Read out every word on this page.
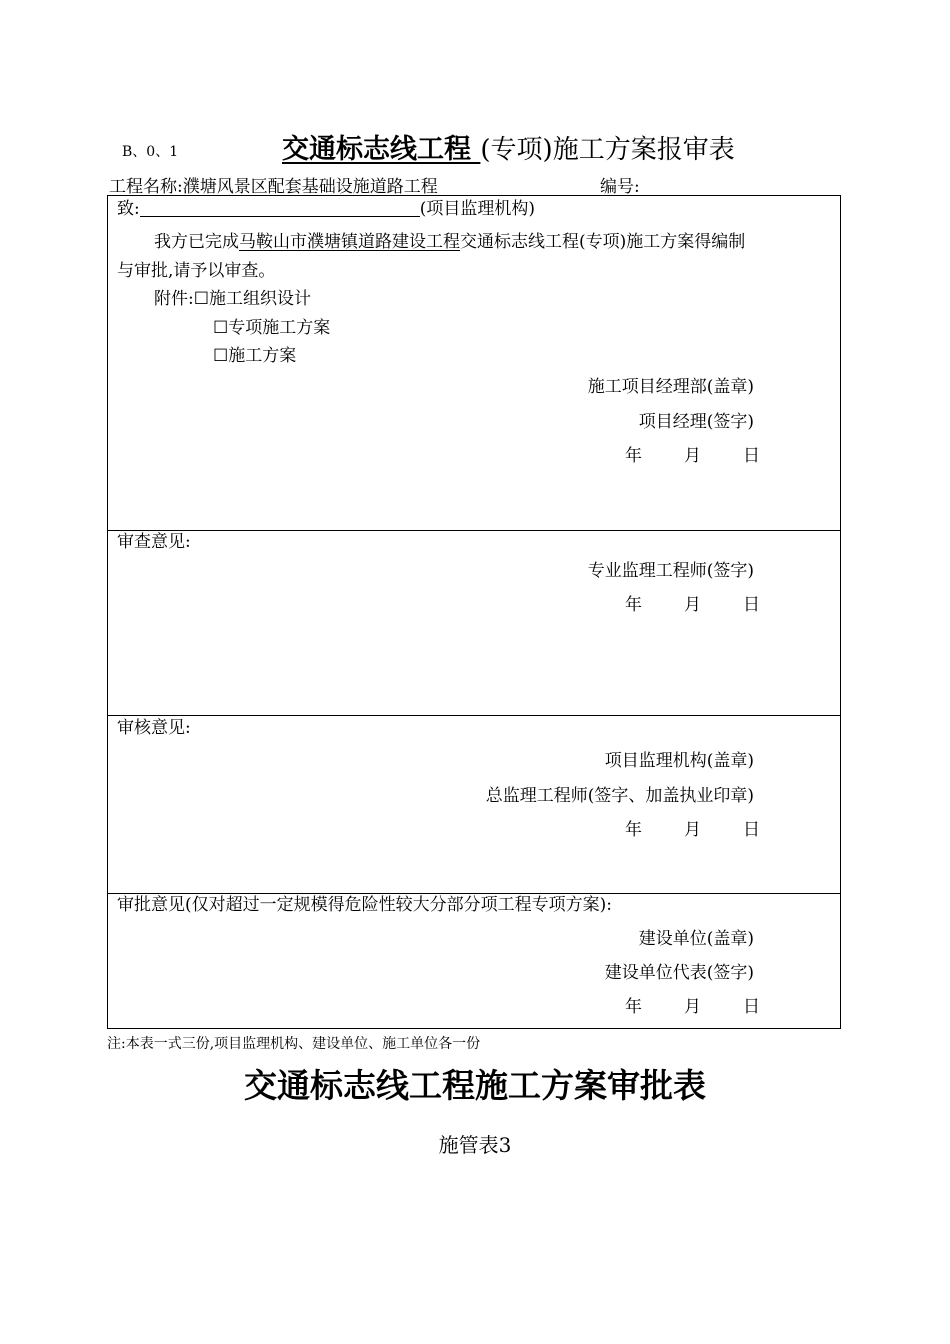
B、0、1	交通标志线工程 (专项)施工方案报审表
工程名称:濮塘风景区配套基础设施道路工程	编号:
致:	(项目监理机构)
我方已完成马鞍山市濮塘镇道路建设工程交通标志线工程(专项)施工方案得编制
与审批,请予以审查。
附件:☐施工组织设计
☐专项施工方案
☐施工方案
施工项目经理部(盖章)
项目经理(签字)
年 月 日
审查意见:
专业监理工程师(签字)
年 月 日
审核意见:
项目监理机构(盖章)
总监理工程师(签字、加盖执业印章)
年 月 日
审批意见(仅对超过一定规模得危险性较大分部分项工程专项方案):
建设单位(盖章)
建设单位代表(签字)
年 月 日
注:本表一式三份,项目监理机构、建设单位、施工单位各一份
交通标志线工程施工方案审批表
施管表3
